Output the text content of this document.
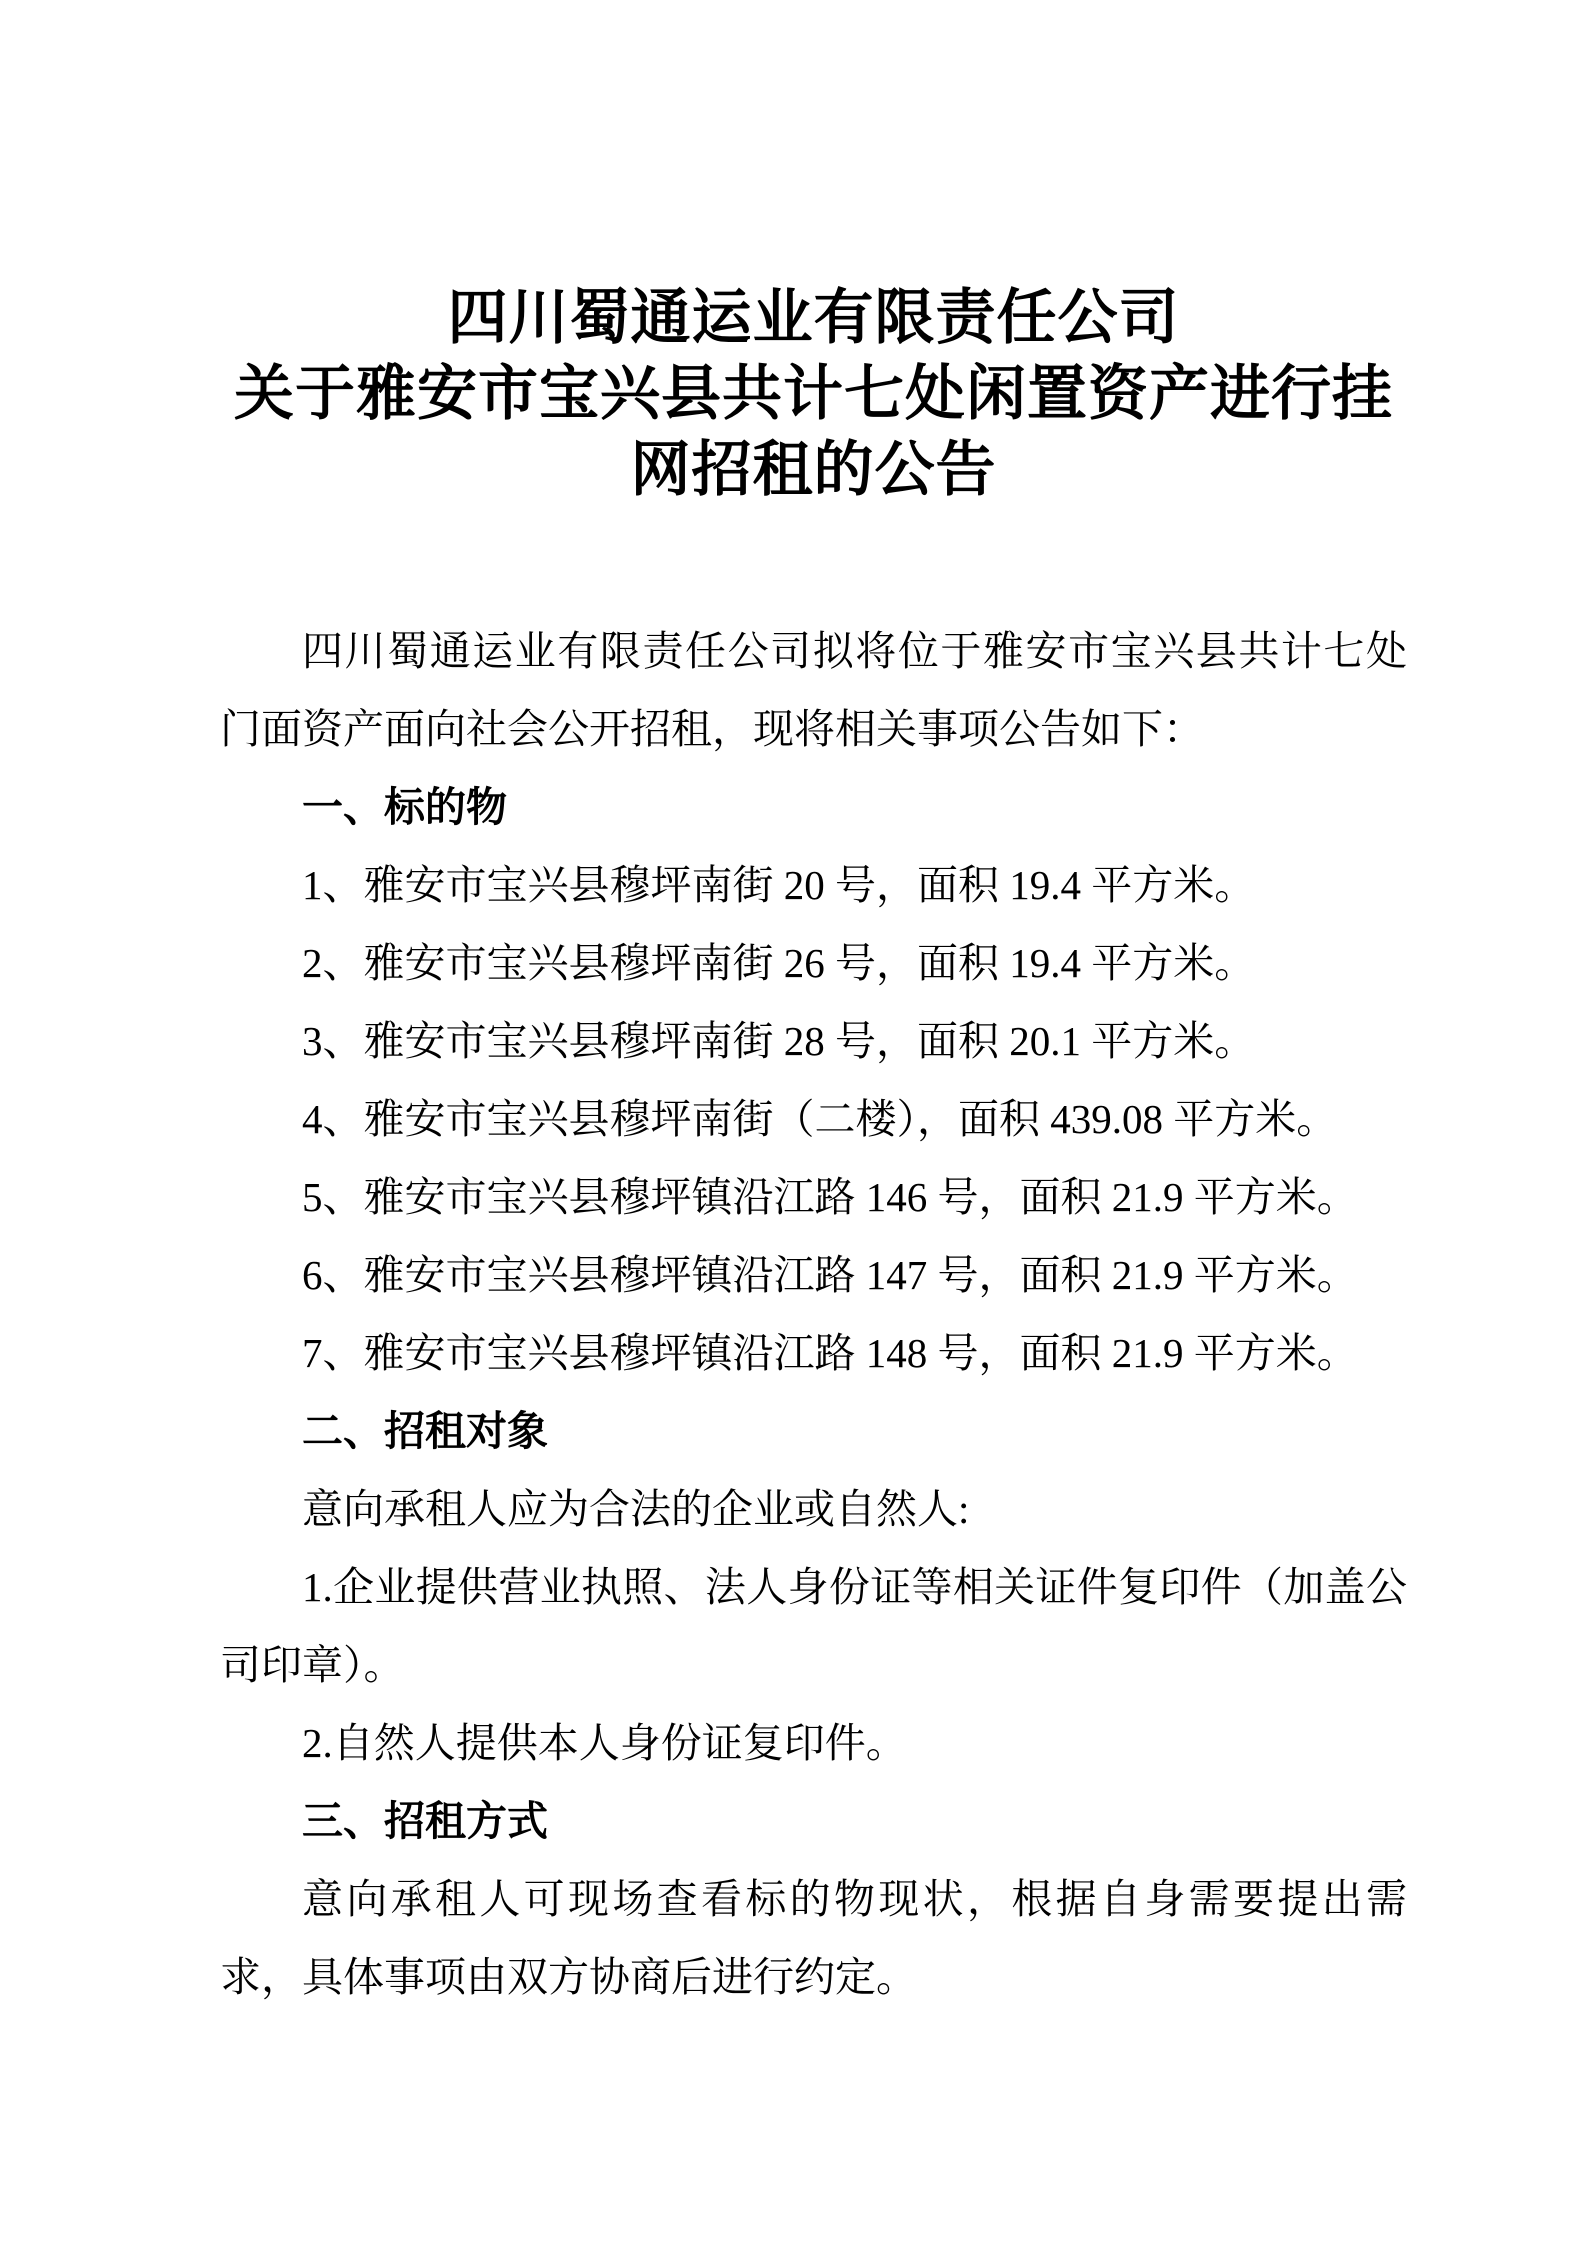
四川蜀通运业有限责任公司
关于雅安市宝兴县共计七处闲置资产进行挂
网招租的公告

四川蜀通运业有限责任公司拟将位于雅安市宝兴县共计七处门面资产面向社会公开招租，现将相关事项公告如下：

一、标的物

1、雅安市宝兴县穆坪南街 20 号，面积 19.4 平方米。

2、雅安市宝兴县穆坪南街 26 号，面积 19.4 平方米。

3、雅安市宝兴县穆坪南街 28 号，面积 20.1 平方米。

4、雅安市宝兴县穆坪南街（二楼），面积 439.08 平方米。

5、雅安市宝兴县穆坪镇沿江路 146 号，面积 21.9 平方米。

6、雅安市宝兴县穆坪镇沿江路 147 号，面积 21.9 平方米。

7、雅安市宝兴县穆坪镇沿江路 148 号，面积 21.9 平方米。

二、招租对象

意向承租人应为合法的企业或自然人:

1.企业提供营业执照、法人身份证等相关证件复印件（加盖公司印章）。

2.自然人提供本人身份证复印件。

三、招租方式

意向承租人可现场查看标的物现状，根据自身需要提出需求，具体事项由双方协商后进行约定。
